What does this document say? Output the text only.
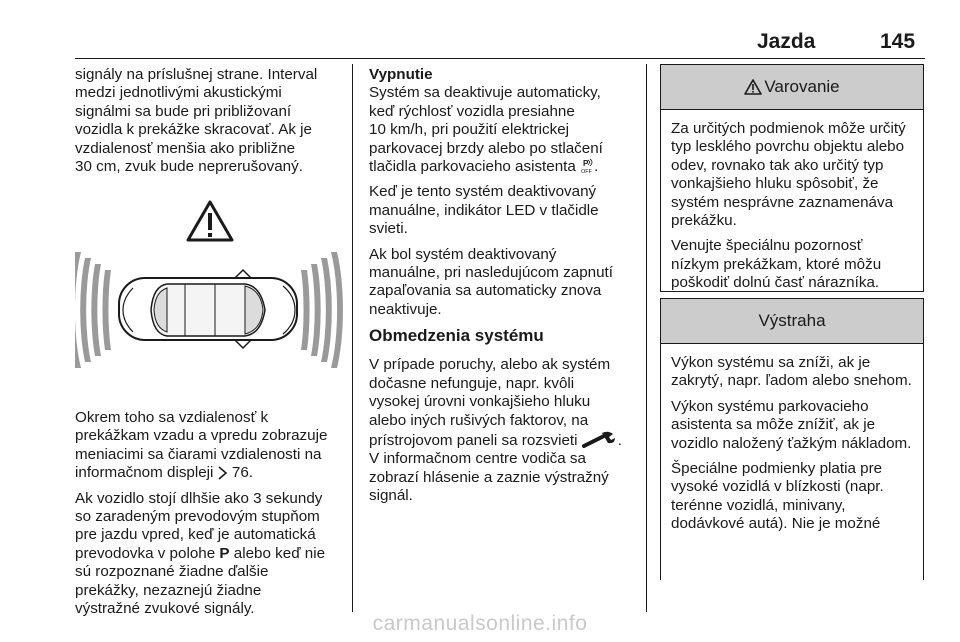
Jazda	145

signály na príslušnej strane. Interval
medzi jednotlivými akustickými
signálmi sa bude pri približovaní
vozidla k prekážke skracovať. Ak je
vzdialenosť menšia ako približne
30 cm, zvuk bude neprerušovaný.

Okrem toho sa vzdialenosť k
prekážkam vzadu a vpredu zobrazuje
meniacimi sa čiarami vzdialenosti na
informačnom displeji 76.

Ak vozidlo stojí dlhšie ako 3 sekundy
so zaradeným prevodovým stupňom
pre jazdu vpred, keď je automatická
prevodovka v polohe P alebo keď nie
sú rozpoznané žiadne ďalšie
prekážky, nezaznejú žiadne
výstražné zvukové signály.

Vypnutie
Systém sa deaktivuje automaticky,
keď rýchlosť vozidla presiahne
10 km/h, pri použití elektrickej
parkovacej brzdy alebo po stlačení
tlačidla parkovacieho asistenta P
OFF .

Keď je tento systém deaktivovaný
manuálne, indikátor LED v tlačidle
svieti.

Ak bol systém deaktivovaný
manuálne, pri nasledujúcom zapnutí
zapaľovania sa automaticky znova
neaktivuje.

Obmedzenia systému

V prípade poruchy, alebo ak systém
dočasne nefunguje, napr. kvôli
vysokej úrovni vonkajšieho hluku
alebo iných rušivých faktorov, na
prístrojovom paneli sa rozsvieti	.
V informačnom centre vodiča sa
zobrazí hlásenie a zaznie výstražný
signál.

Varovanie

Za určitých podmienok môže určitý typ lesklého povrchu objektu alebo odev, rovnako tak ako určitý typ vonkajšieho hluku spôsobiť, že systém nesprávne zaznamenáva prekážku.

Venujte špeciálnu pozornosť nízkym prekážkam, ktoré môžu poškodiť dolnú časť nárazníka.

Výstraha

Výkon systému sa zníži, ak je zakrytý, napr. ľadom alebo snehom.

Výkon systému parkovacieho asistenta sa môže znížiť, ak je vozidlo naložený ťažkým nákladom.

Špeciálne podmienky platia pre vysoké vozidlá v blízkosti (napr. terénne vozidlá, minivany, dodávkové autá). Nie je možné

carmanualsonline.info
